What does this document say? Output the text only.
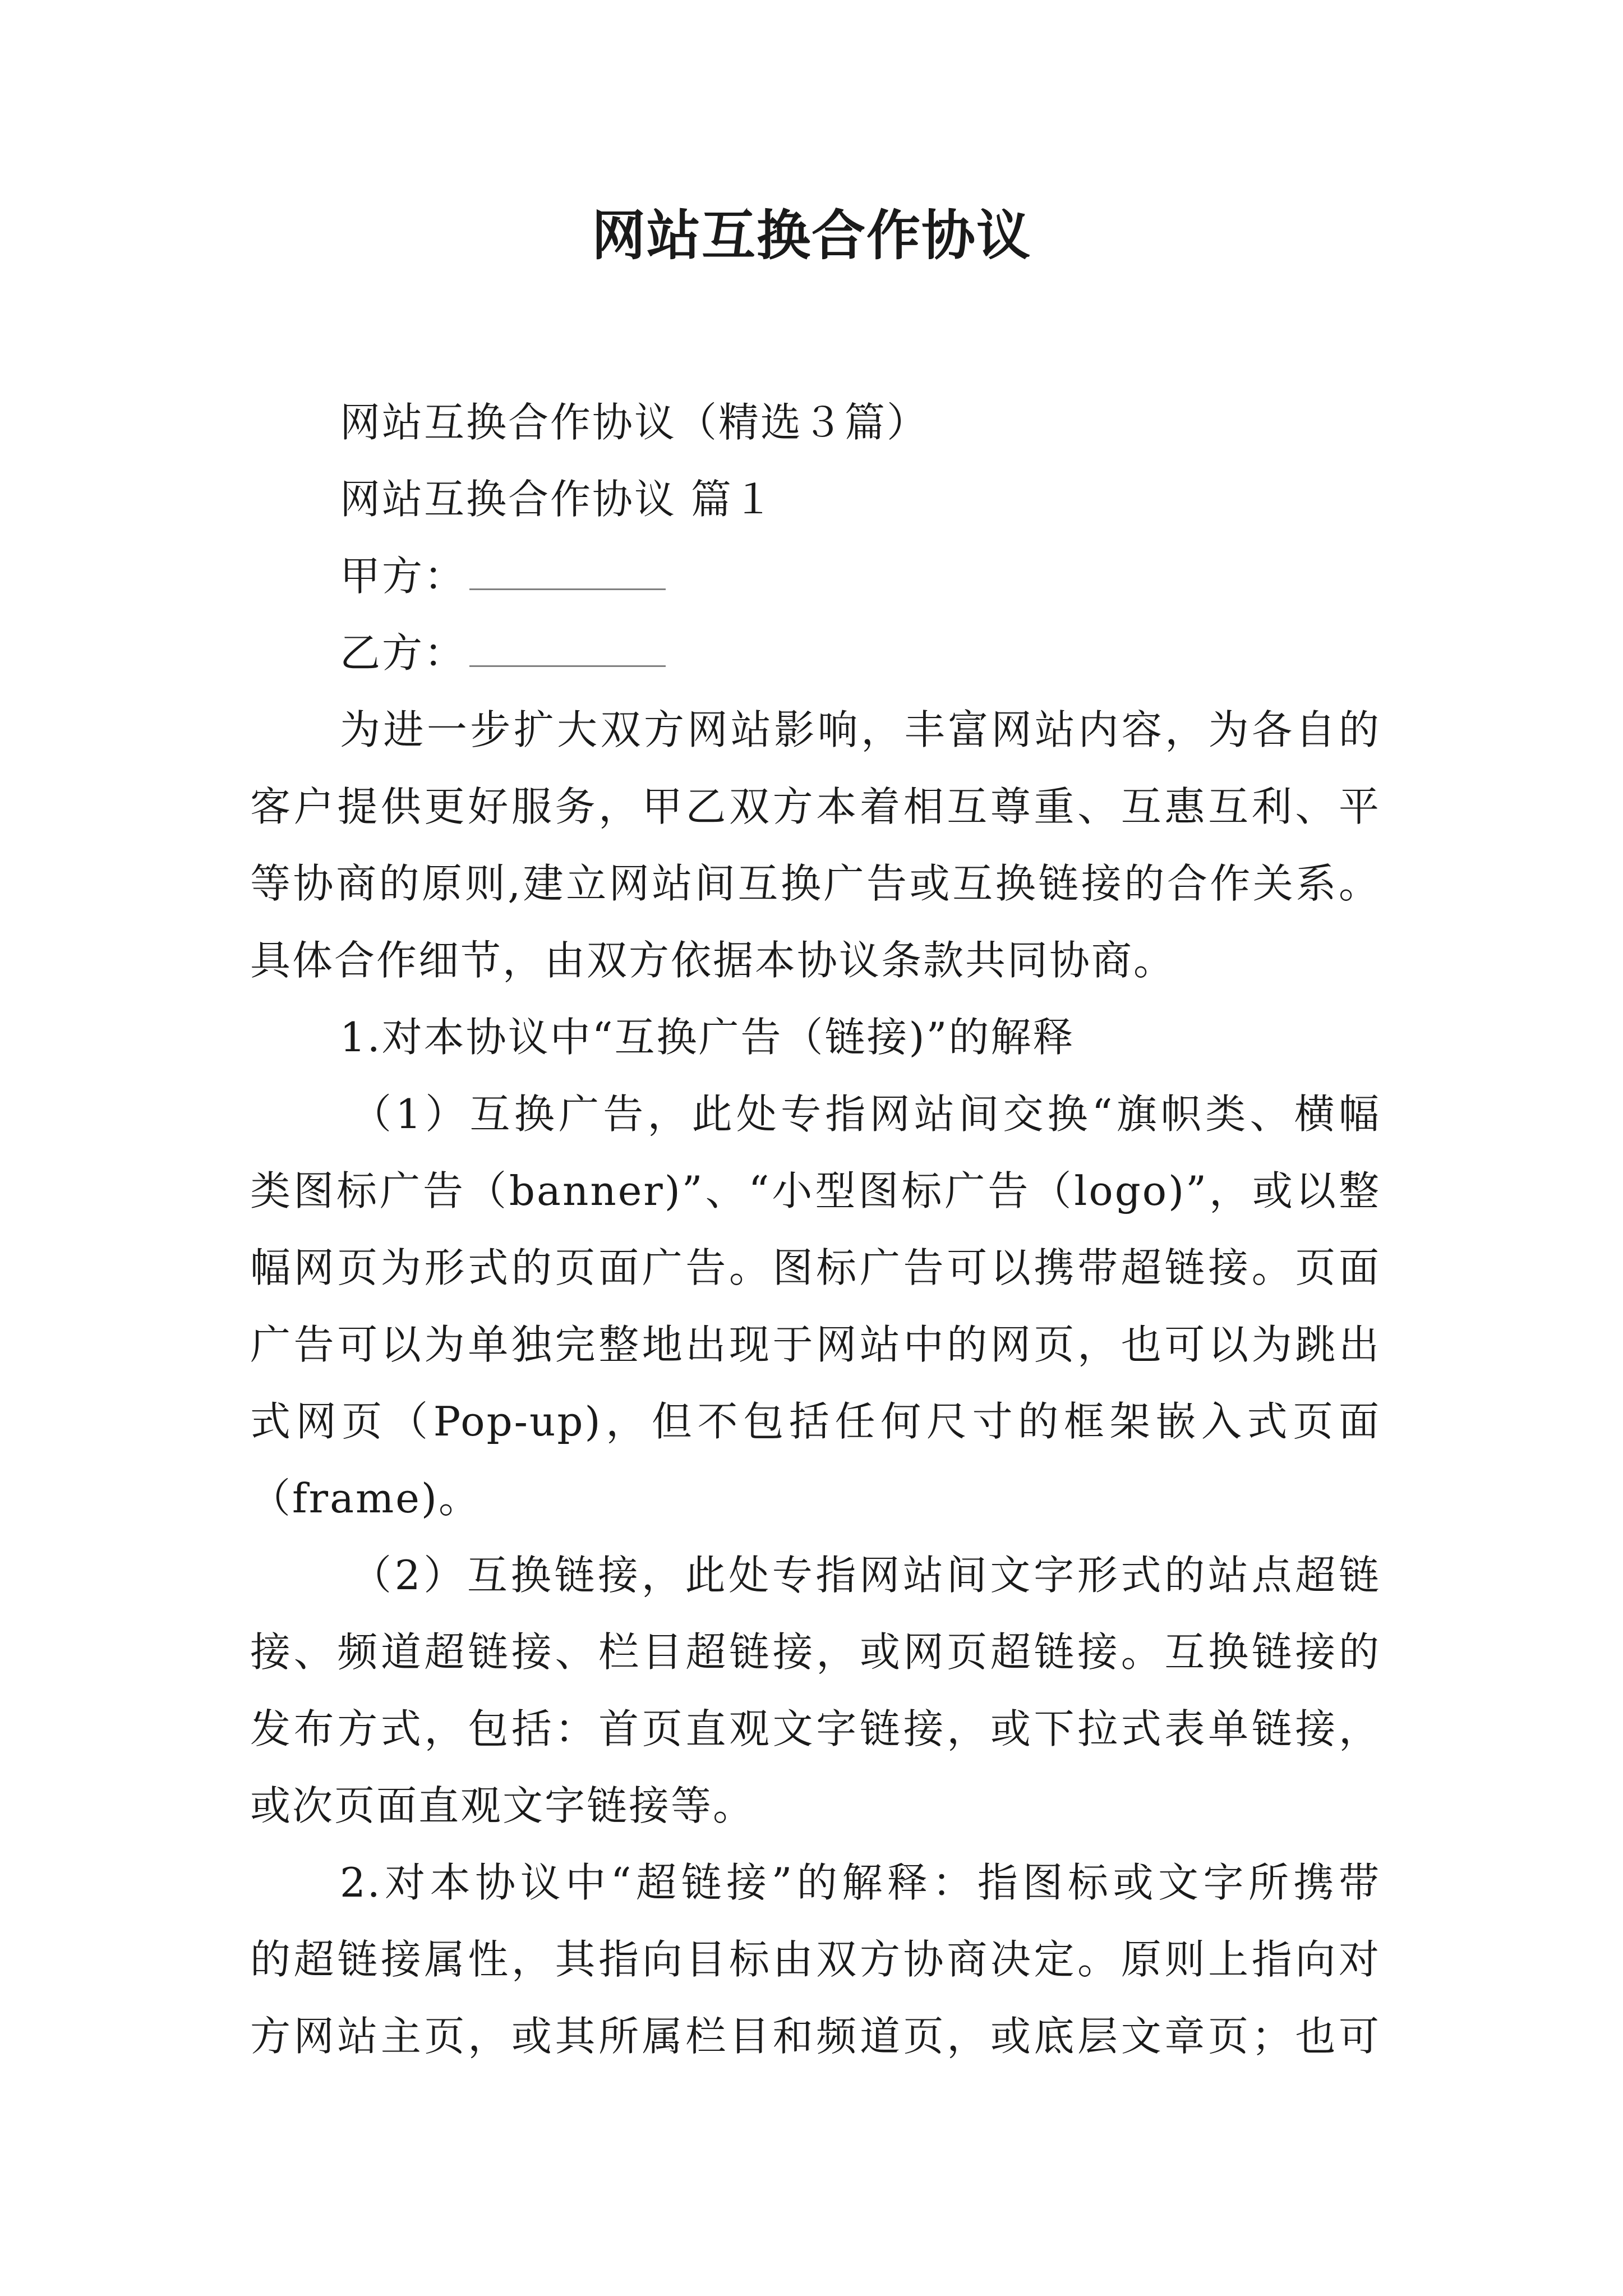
网站互换合作协议
网站互换合作协议（精选３篇）
网站互换合作协议 篇１
甲方：
乙方：
为进一步扩大双方网站影响，丰富网站内容，为各自的
客户提供更好服务，甲乙双方本着相互尊重、互惠互利、平
等协商的原则,建立网站间互换广告或互换链接的合作关系。
具体合作细节，由双方依据本协议条款共同协商。
1.对本协议中“互换广告（链接)”的解释
（1）互换广告，此处专指网站间交换“旗帜类、横幅
类图标广告（banner)”、“小型图标广告（logo)”，或以整
幅网页为形式的页面广告。图标广告可以携带超链接。页面
广告可以为单独完整地出现于网站中的网页，也可以为跳出
式网页（Pop-up)，但不包括任何尺寸的框架嵌入式页面
（frame)。
（2）互换链接，此处专指网站间文字形式的站点超链
接、频道超链接、栏目超链接，或网页超链接。互换链接的
发布方式，包括：首页直观文字链接，或下拉式表单链接，
或次页面直观文字链接等。
2.对本协议中“超链接”的解释：指图标或文字所携带
的超链接属性，其指向目标由双方协商决定。原则上指向对
方网站主页，或其所属栏目和频道页，或底层文章页；也可
